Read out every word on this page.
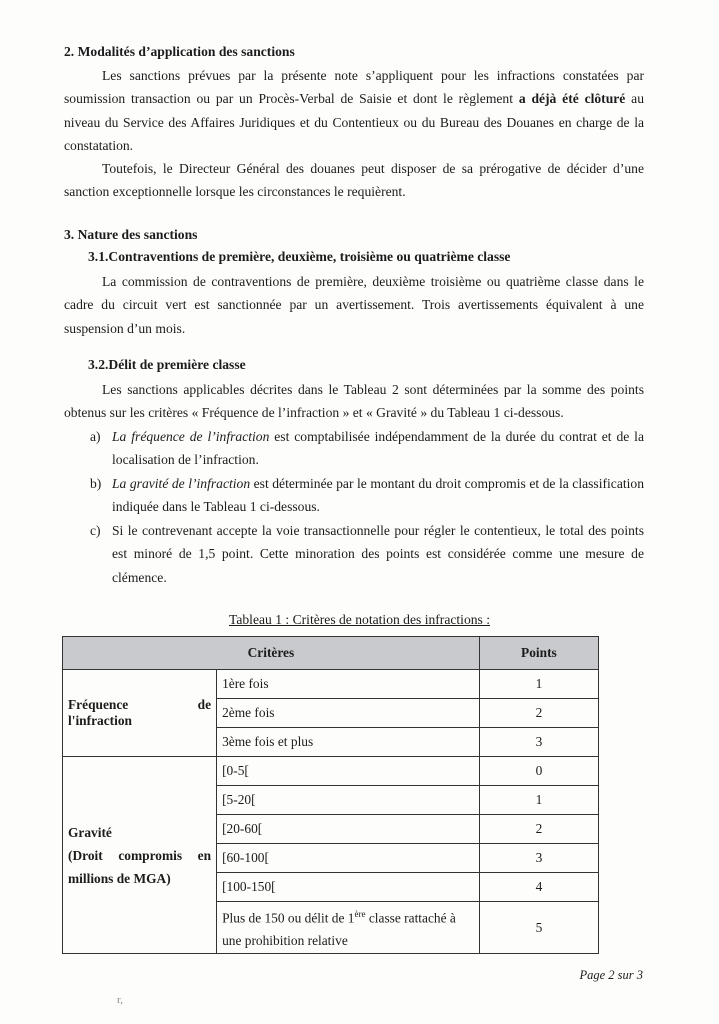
2. Modalités d’application des sanctions

Les sanctions prévues par la présente note s’appliquent pour les infractions constatées par soumission transaction ou par un Procès-Verbal de Saisie et dont le règlement a déjà été clôturé au niveau du Service des Affaires Juridiques et du Contentieux ou du Bureau des Douanes en charge de la constatation.

Toutefois, le Directeur Général des douanes peut disposer de sa prérogative de décider d’une sanction exceptionnelle lorsque les circonstances le requièrent.

3. Nature des sanctions
3.1.Contraventions de première, deuxième, troisième ou quatrième classe

La commission de contraventions de première, deuxième troisième ou quatrième classe dans le cadre du circuit vert est sanctionnée par un avertissement. Trois avertissements équivalent à une suspension d’un mois.

3.2.Délit de première classe

Les sanctions applicables décrites dans le Tableau 2 sont déterminées par la somme des points obtenus sur les critères « Fréquence de l’infraction » et « Gravité » du Tableau 1 ci-dessous.

a) La fréquence de l’infraction est comptabilisée indépendamment de la durée du contrat et de la localisation de l’infraction.
b) La gravité de l’infraction est déterminée par le montant du droit compromis et de la classification indiquée dans le Tableau 1 ci-dessous.
c) Si le contrevenant accepte la voie transactionnelle pour régler le contentieux, le total des points est minoré de 1,5 point. Cette minoration des points est considérée comme une mesure de clémence.
Tableau 1 : Critères de notation des infractions :
Critères		Points

Fréquence de
l'infraction	1ère fois	1
	2ème fois	2
	3ème fois et plus	3
Gravité

(Droit compromis en
millions de MGA)	[0-5[	0
	[5-20[	1
	[20-60[	2
	[60-100[	3
	[100-150[	4
	Plus de 150 ou délit de 1ère classe rattaché à une prohibition relative	5
Page 2 sur 3
r,
